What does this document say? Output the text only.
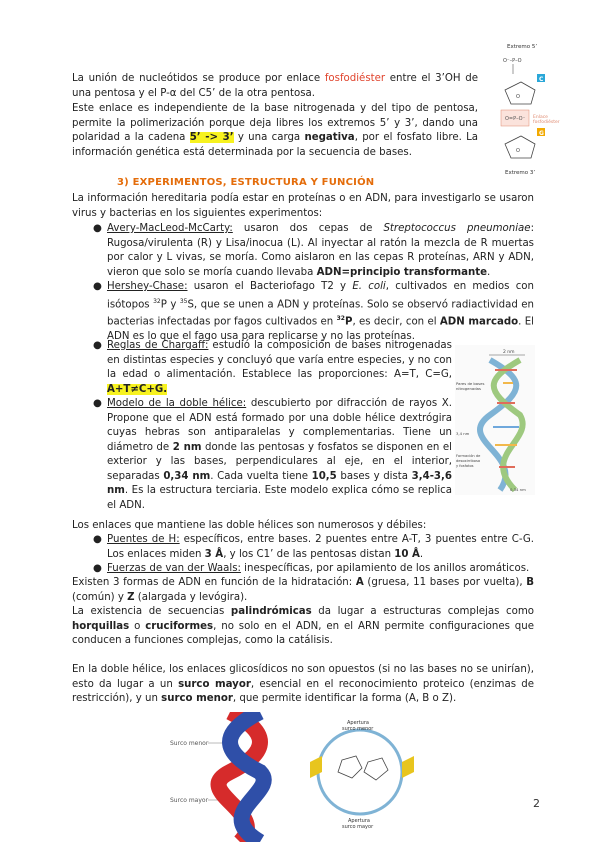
La unión de nucleótidos se produce por enlace fosfodiéster entre el 3’OH de una pentosa y el P-α del C5’ de la otra pentosa.
Este enlace es independiente de la base nitrogenada y del tipo de pentosa, permite la polimerización porque deja libres los extremos 5’ y 3’, dando una polaridad a la cadena 5’ -> 3’ y una carga negativa, por el fosfato libre. La información genética está determinada por la secuencia de bases.
Extremo 5’
O⁻–P–O
O
C
O=P–O⁻ Enlace
fosfodiéster
O
G
Extremo 3’
3) EXPERIMENTOS, ESTRUCTURA Y FUNCIÓN
La información hereditaria podía estar en proteínas o en ADN, para investigarlo se usaron virus y bacterias en los siguientes experimentos:
● Avery-MacLeod-McCarty: usaron dos cepas de Streptococcus pneumoniae: Rugosa/virulenta (R) y Lisa/inocua (L). Al inyectar al ratón la mezcla de R muertas por calor y L vivas, se moría. Como aislaron en las cepas R proteínas, ARN y ADN, vieron que solo se moría cuando llevaba ADN=principio transformante.
● Hershey-Chase: usaron el Bacteriofago T2 y E. coli, cultivados en medios con isótopos $^{32}$P y $^{35}$S, que se unen a ADN y proteínas. Solo se observó radiactividad en bacterias infectadas por fagos cultivados en $^{32}$P, es decir, con el ADN marcado. El ADN es lo que el fago usa para replicarse y no las proteínas.
● Reglas de Chargaff: estudió la composición de bases nitrogenadas en distintas especies y concluyó que varía entre especies, y no con la edad o alimentación. Establece las proporciones: A=T, C=G, A+T≠C+G.
● Modelo de la doble hélice: descubierto por difracción de rayos X. Propone que el ADN está formado por una doble hélice dextrógira cuyas hebras son antiparalelas y complementarias. Tiene un diámetro de 2 nm donde las pentosas y fosfatos se disponen en el exterior y las bases, perpendiculares al eje, en el interior, separadas 0,34 nm. Cada vuelta tiene 10,5 bases y dista 3,4-3,6 nm. Es la estructura terciaria. Este modelo explica cómo se replica el ADN.
2 nm
Pares de bases
nitrogenadas
3,4 nm
Formación de
desoxirribosa
y fosfatos
0,34 nm
Los enlaces que mantiene las doble hélices son numerosos y débiles:
● Puentes de H: específicos, entre bases. 2 puentes entre A-T, 3 puentes entre C-G. Los enlaces miden 3 Å, y los C1’ de las pentosas distan 10 Å.
● Fuerzas de van der Waals: inespecíficas, por apilamiento de los anillos aromáticos.
Existen 3 formas de ADN en función de la hidratación: A (gruesa, 11 bases por vuelta), B (común) y Z (alargada y levógira).
La existencia de secuencias palindrómicas da lugar a estructuras complejas como horquillas o cruciformes, no solo en el ADN, en el ARN permite configuraciones que conducen a funciones complejas, como la catálisis.
En la doble hélice, los enlaces glicosídicos no son opuestos (si no las bases no se unirían), esto da lugar a un surco mayor, esencial en el reconocimiento proteico (enzimas de restricción), y un surco menor, que permite identificar la forma (A, B o Z).
Surco menor
Surco mayor
Apertura
surco menor
Apertura
surco mayor
2
